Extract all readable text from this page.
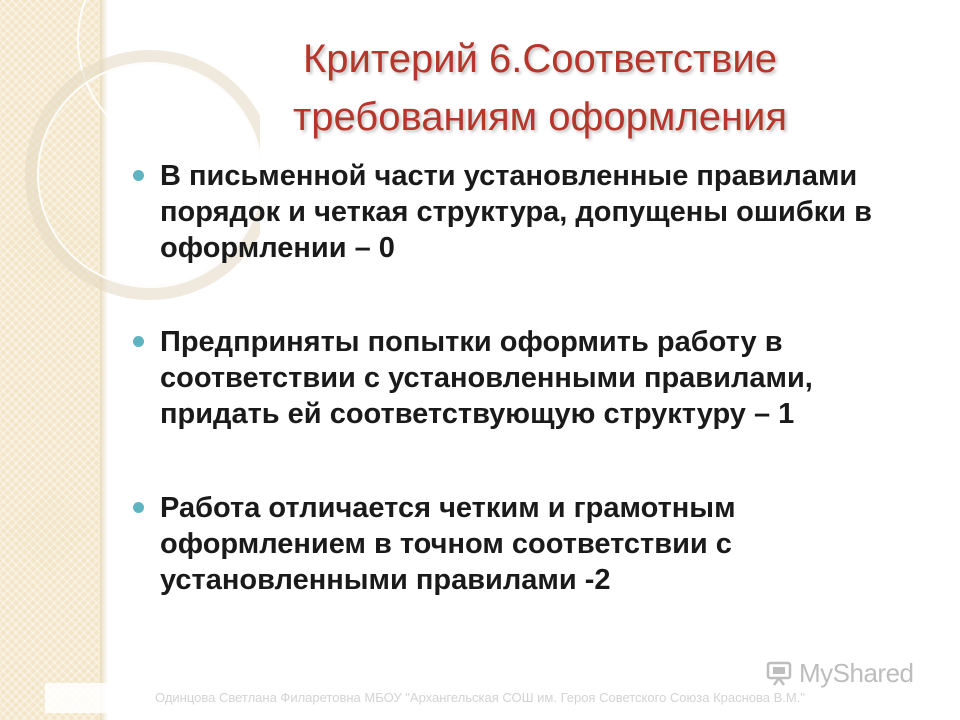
Критерий 6.Соответствие
требованиям оформления
В письменной части установленные правилами порядок и четкая структура, допущены ошибки в оформлении – 0
Предприняты попытки оформить работу в соответствии с установленными правилами, придать ей соответствующую структуру – 1
Работа отличается четким и грамотным оформлением в точном соответствии с установленными правилами -2
Одинцова Светлана Филаретовна МБОУ "Архангельская СОШ им. Героя Советского Союза Краснова В.М."
MyShared
